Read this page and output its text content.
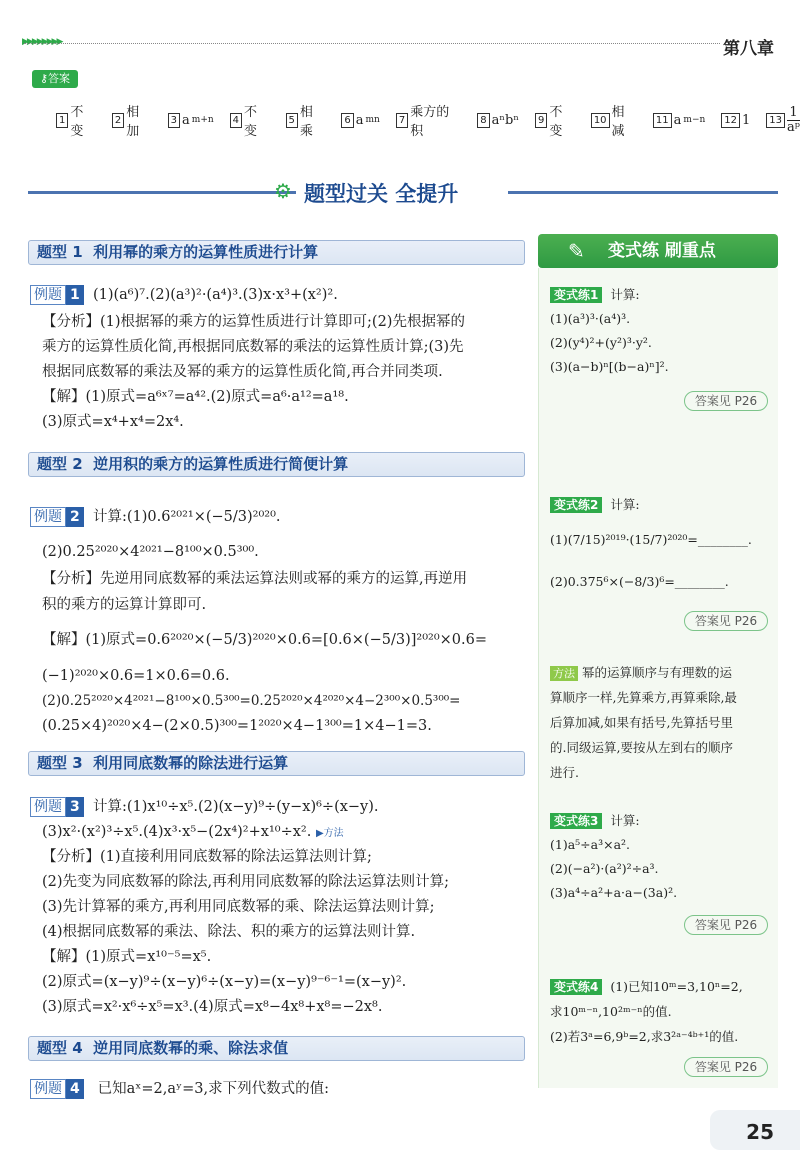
▶▶▶▶▶▶▶▶	第八章
⚷答案
1 不变
2 相加
3 a m+n	4 不变
5 相乘
6 a mn	7 乘方的积
8 aⁿbⁿ	9 不变
10 相减
11 a m−n	12 1	$13 \frac{1}{\text{aᵖ}}$
⚙ 题型过关 全提升
题型 1 利用幂的乘方的运算性质进行计算
例题 1 (1)(a⁶)⁷.(2)(a³)²·(a⁴)³.(3)x·x³+(x²)².
【分析】(1)根据幂的乘方的运算性质进行计算即可;(2)先根据幂的
乘方的运算性质化简,再根据同底数幂的乘法的运算性质计算;(3)先
根据同底数幂的乘法及幂的乘方的运算性质化简,再合并同类项.
【解】(1)原式=a⁶ˣ⁷=a⁴².(2)原式=a⁶·a¹²=a¹⁸.
(3)原式=x⁴+x⁴=2x⁴.
题型 2 逆用积的乘方的运算性质进行简便计算
例题 2 计算:(1)0.6²⁰²¹×(−5/3)²⁰²⁰.
(2)0.25²⁰²⁰×4²⁰²¹−8¹⁰⁰×0.5³⁰⁰.
【分析】先逆用同底数幂的乘法运算法则或幂的乘方的运算,再逆用
积的乘方的运算计算即可.
【解】(1)原式=0.6²⁰²⁰×(−5/3)²⁰²⁰×0.6=[0.6×(−5/3)]²⁰²⁰×0.6=
(−1)²⁰²⁰×0.6=1×0.6=0.6.
(2)0.25²⁰²⁰×4²⁰²¹−8¹⁰⁰×0.5³⁰⁰=0.25²⁰²⁰×4²⁰²⁰×4−2³⁰⁰×0.5³⁰⁰=
(0.25×4)²⁰²⁰×4−(2×0.5)³⁰⁰=1²⁰²⁰×4−1³⁰⁰=1×4−1=3.
题型 3 利用同底数幂的除法进行运算
例题 3 计算:(1)x¹⁰÷x⁵.(2)(x−y)⁹÷(y−x)⁶÷(x−y).
(3)x²·(x²)³÷x⁵.(4)x³·x⁵−(2x⁴)²+x¹⁰÷x². ▶方法
【分析】(1)直接利用同底数幂的除法运算法则计算;
(2)先变为同底数幂的除法,再利用同底数幂的除法运算法则计算;
(3)先计算幂的乘方,再利用同底数幂的乘、除法运算法则计算;
(4)根据同底数幂的乘法、除法、积的乘方的运算法则计算.
【解】(1)原式=x¹⁰⁻⁵=x⁵.
(2)原式=(x−y)⁹÷(x−y)⁶÷(x−y)=(x−y)⁹⁻⁶⁻¹=(x−y)².
(3)原式=x²·x⁶÷x⁵=x³.(4)原式=x⁸−4x⁸+x⁸=−2x⁸.
题型 4 逆用同底数幂的乘、除法求值
例题 4 已知aˣ=2,aʸ=3,求下列代数式的值:
✎ 变式练 刷重点
变式练1 计算:
(1)(a³)³·(a⁴)³.
(2)(y⁴)²+(y²)³·y².
(3)(a−b)ⁿ[(b−a)ⁿ]².
答案见 P26
变式练2 计算:
(1)(7/15)²⁰¹⁹·(15/7)²⁰²⁰=________.
(2)0.375⁶×(−8/3)⁶=________.
答案见 P26
方法 幂的运算顺序与有理数的运
算顺序一样,先算乘方,再算乘除,最
后算加减,如果有括号,先算括号里
的.同级运算,要按从左到右的顺序
进行.
变式练3 计算:
(1)a⁵÷a³×a².
(2)(−a²)·(a²)²÷a³.
(3)a⁴÷a²+a·a−(3a)².
答案见 P26
变式练4 (1)已知10ᵐ=3,10ⁿ=2,
求10ᵐ⁻ⁿ,10²ᵐ⁻ⁿ的值.
(2)若3ᵃ=6,9ᵇ=2,求3²ᵃ⁻⁴ᵇ⁺¹的值.
答案见 P26
25
